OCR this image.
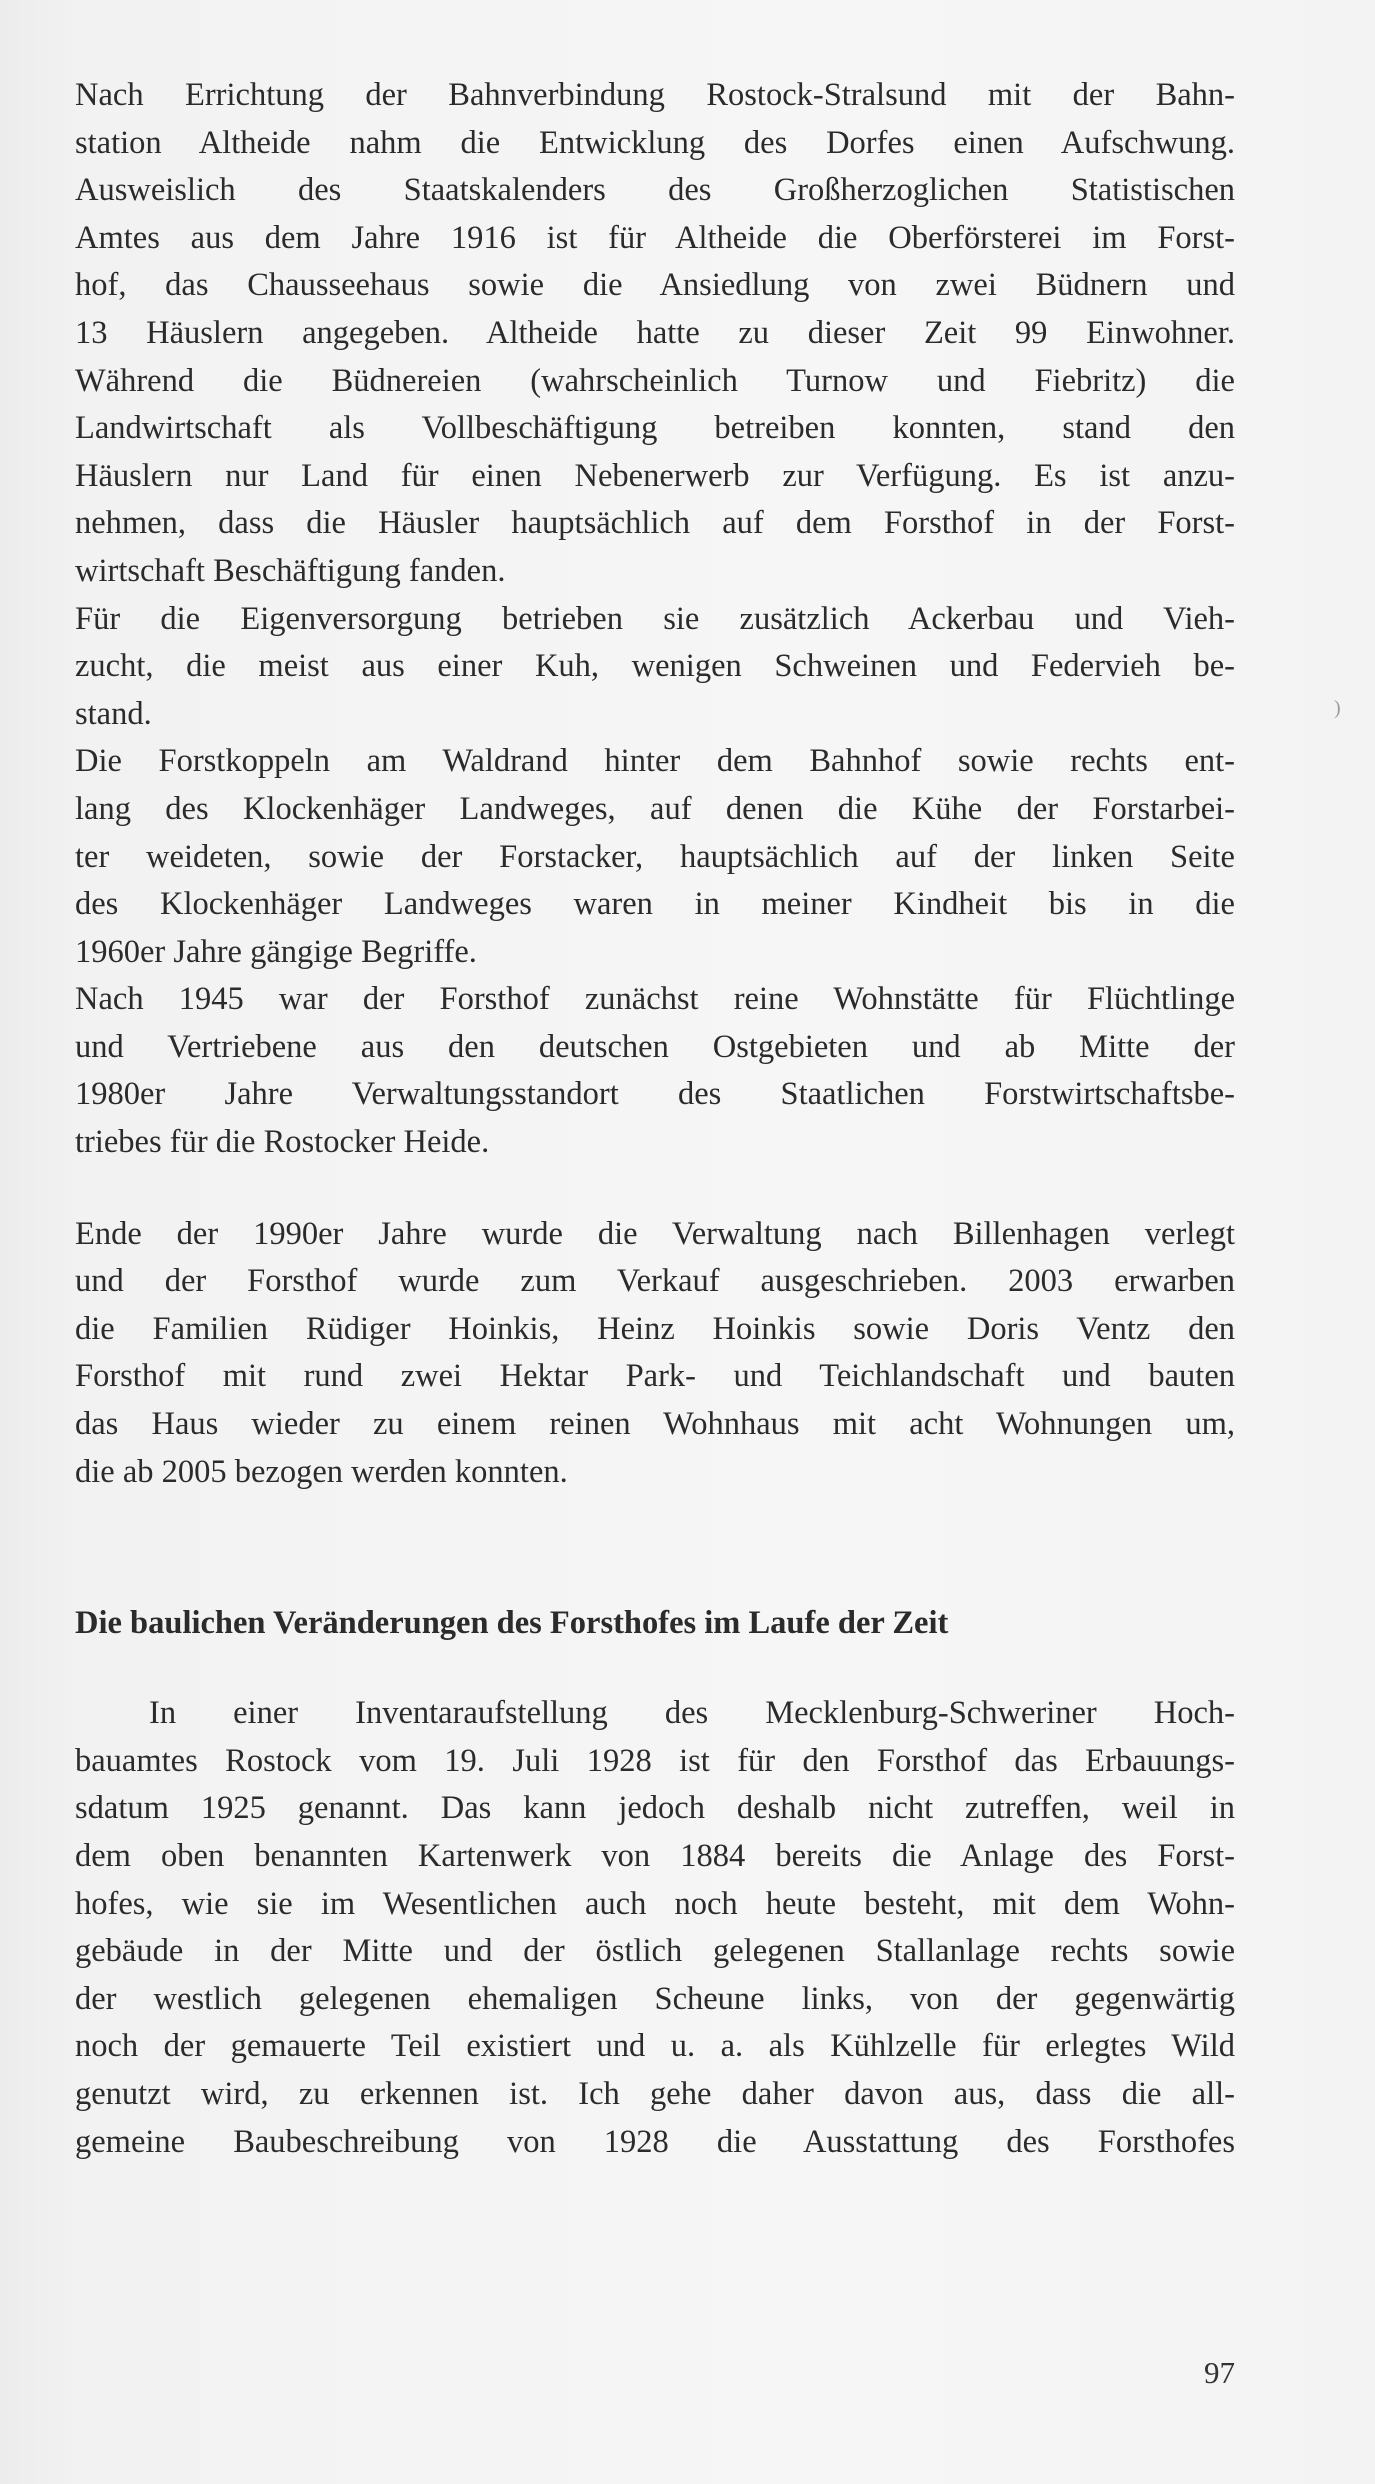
Nach Errichtung der Bahnverbindung Rostock-Stralsund mit der Bahn-
station Altheide nahm die Entwicklung des Dorfes einen Aufschwung.
Ausweislich des Staatskalenders des Großherzoglichen Statistischen
Amtes aus dem Jahre 1916 ist für Altheide die Oberförsterei im Forst-
hof, das Chausseehaus sowie die Ansiedlung von zwei Büdnern und
13 Häuslern angegeben. Altheide hatte zu dieser Zeit 99 Einwohner.
Während die Büdnereien (wahrscheinlich Turnow und Fiebritz) die
Landwirtschaft als Vollbeschäftigung betreiben konnten, stand den
Häuslern nur Land für einen Nebenerwerb zur Verfügung. Es ist anzu-
nehmen, dass die Häusler hauptsächlich auf dem Forsthof in der Forst-
wirtschaft Beschäftigung fanden.
Für die Eigenversorgung betrieben sie zusätzlich Ackerbau und Vieh-
zucht, die meist aus einer Kuh, wenigen Schweinen und Federvieh be-
stand.
Die Forstkoppeln am Waldrand hinter dem Bahnhof sowie rechts ent-
lang des Klockenhäger Landweges, auf denen die Kühe der Forstarbei-
ter weideten, sowie der Forstacker, hauptsächlich auf der linken Seite
des Klockenhäger Landweges waren in meiner Kindheit bis in die
1960er Jahre gängige Begriffe.
Nach 1945 war der Forsthof zunächst reine Wohnstätte für Flüchtlinge
und Vertriebene aus den deutschen Ostgebieten und ab Mitte der
1980er Jahre Verwaltungsstandort des Staatlichen Forstwirtschaftsbe-
triebes für die Rostocker Heide.
Ende der 1990er Jahre wurde die Verwaltung nach Billenhagen verlegt
und der Forsthof wurde zum Verkauf ausgeschrieben. 2003 erwarben
die Familien Rüdiger Hoinkis, Heinz Hoinkis sowie Doris Ventz den
Forsthof mit rund zwei Hektar Park- und Teichlandschaft und bauten
das Haus wieder zu einem reinen Wohnhaus mit acht Wohnungen um,
die ab 2005 bezogen werden konnten.
Die baulichen Veränderungen des Forsthofes im Laufe der Zeit
In einer Inventaraufstellung des Mecklenburg-Schweriner Hoch-
bauamtes Rostock vom 19. Juli 1928 ist für den Forsthof das Erbauungs-
sdatum 1925 genannt. Das kann jedoch deshalb nicht zutreffen, weil in
dem oben benannten Kartenwerk von 1884 bereits die Anlage des Forst-
hofes, wie sie im Wesentlichen auch noch heute besteht, mit dem Wohn-
gebäude in der Mitte und der östlich gelegenen Stallanlage rechts sowie
der westlich gelegenen ehemaligen Scheune links, von der gegenwärtig
noch der gemauerte Teil existiert und u. a. als Kühlzelle für erlegtes Wild
genutzt wird, zu erkennen ist. Ich gehe daher davon aus, dass die all-
gemeine Baubeschreibung von 1928 die Ausstattung des Forsthofes
)
97
